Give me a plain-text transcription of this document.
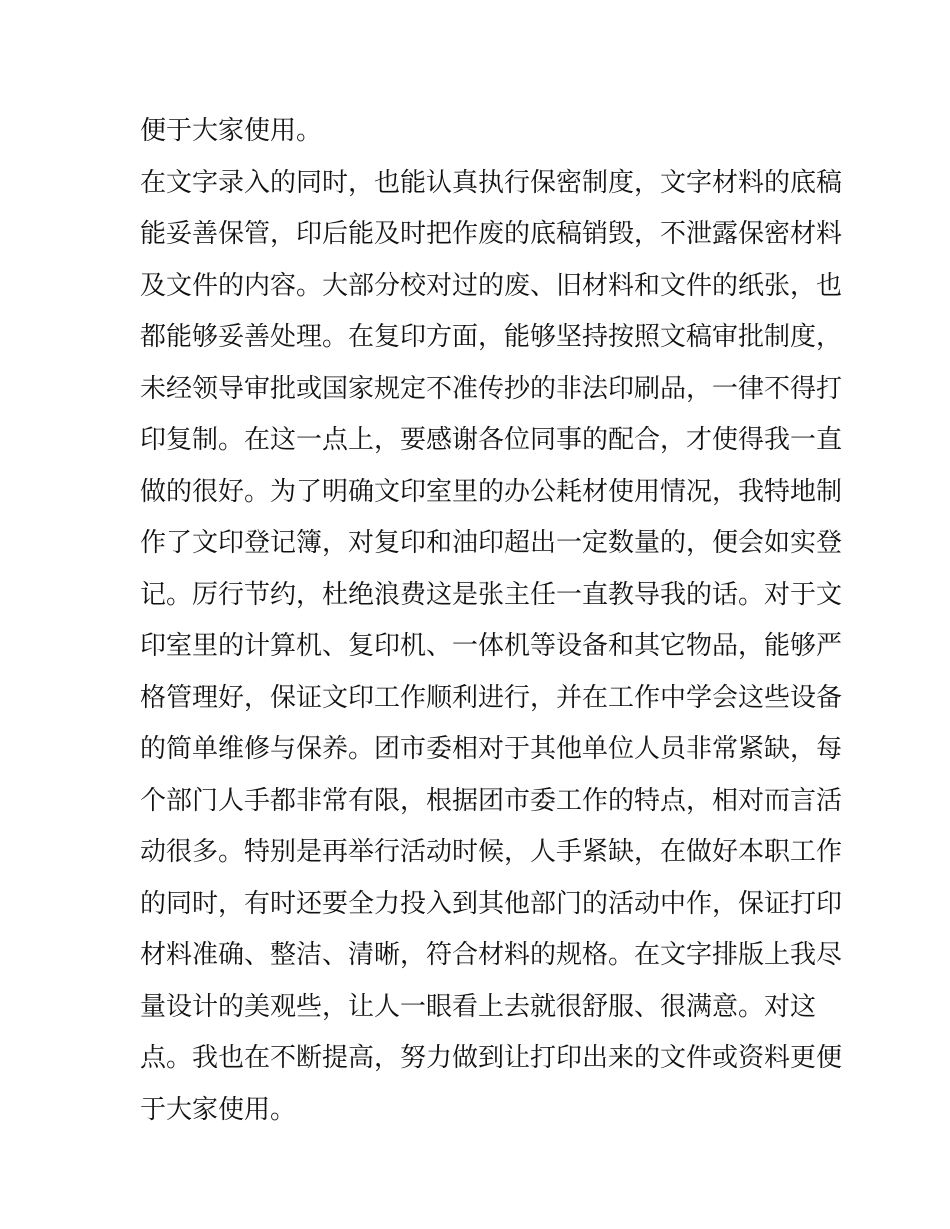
便于大家使用。
在文字录入的同时，也能认真执行保密制度，文字材料的底稿
能妥善保管，印后能及时把作废的底稿销毁，不泄露保密材料
及文件的内容。大部分校对过的废、旧材料和文件的纸张，也
都能够妥善处理。在复印方面，能够坚持按照文稿审批制度，
未经领导审批或国家规定不准传抄的非法印刷品，一律不得打
印复制。在这一点上，要感谢各位同事的配合，才使得我一直
做的很好。为了明确文印室里的办公耗材使用情况，我特地制
作了文印登记簿，对复印和油印超出一定数量的，便会如实登
记。厉行节约，杜绝浪费这是张主任一直教导我的话。对于文
印室里的计算机、复印机、一体机等设备和其它物品，能够严
格管理好，保证文印工作顺利进行，并在工作中学会这些设备
的简单维修与保养。团市委相对于其他单位人员非常紧缺，每
个部门人手都非常有限，根据团市委工作的特点，相对而言活
动很多。特别是再举行活动时候，人手紧缺，在做好本职工作
的同时，有时还要全力投入到其他部门的活动中作，保证打印
材料准确、整洁、清晰，符合材料的规格。在文字排版上我尽
量设计的美观些，让人一眼看上去就很舒服、很满意。对这
点。我也在不断提高，努力做到让打印出来的文件或资料更便
于大家使用。
